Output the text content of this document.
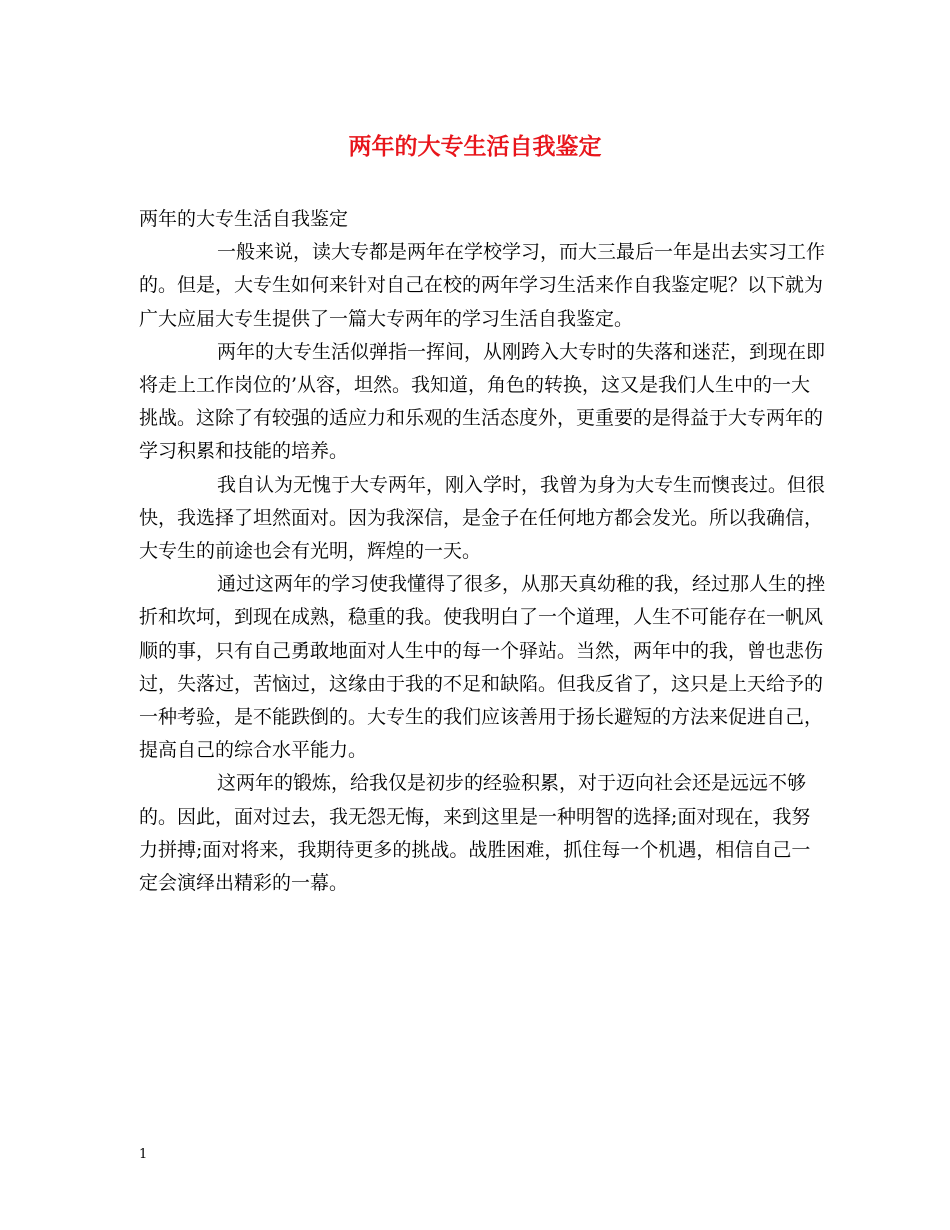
两年的大专生活自我鉴定

两年的大专生活自我鉴定

一般来说，读大专都是两年在学校学习，而大三最后一年是出去实习工作的。但是，大专生如何来针对自己在校的两年学习生活来作自我鉴定呢？以下就为广大应届大专生提供了一篇大专两年的学习生活自我鉴定。

两年的大专生活似弹指一挥间，从刚跨入大专时的失落和迷茫，到现在即将走上工作岗位的’从容，坦然。我知道，角色的转换，这又是我们人生中的一大挑战。这除了有较强的适应力和乐观的生活态度外，更重要的是得益于大专两年的学习积累和技能的培养。

我自认为无愧于大专两年，刚入学时，我曾为身为大专生而懊丧过。但很快，我选择了坦然面对。因为我深信，是金子在任何地方都会发光。所以我确信，大专生的前途也会有光明，辉煌的一天。

通过这两年的学习使我懂得了很多，从那天真幼稚的我，经过那人生的挫折和坎坷，到现在成熟，稳重的我。使我明白了一个道理，人生不可能存在一帆风顺的事，只有自己勇敢地面对人生中的每一个驿站。当然，两年中的我，曾也悲伤过，失落过，苦恼过，这缘由于我的不足和缺陷。但我反省了，这只是上天给予的一种考验，是不能跌倒的。大专生的我们应该善用于扬长避短的方法来促进自己，提高自己的综合水平能力。

这两年的锻炼，给我仅是初步的经验积累，对于迈向社会还是远远不够的。因此，面对过去，我无怨无悔，来到这里是一种明智的选择;面对现在，我努力拼搏;面对将来，我期待更多的挑战。战胜困难，抓住每一个机遇，相信自己一定会演绎出精彩的一幕。

1
